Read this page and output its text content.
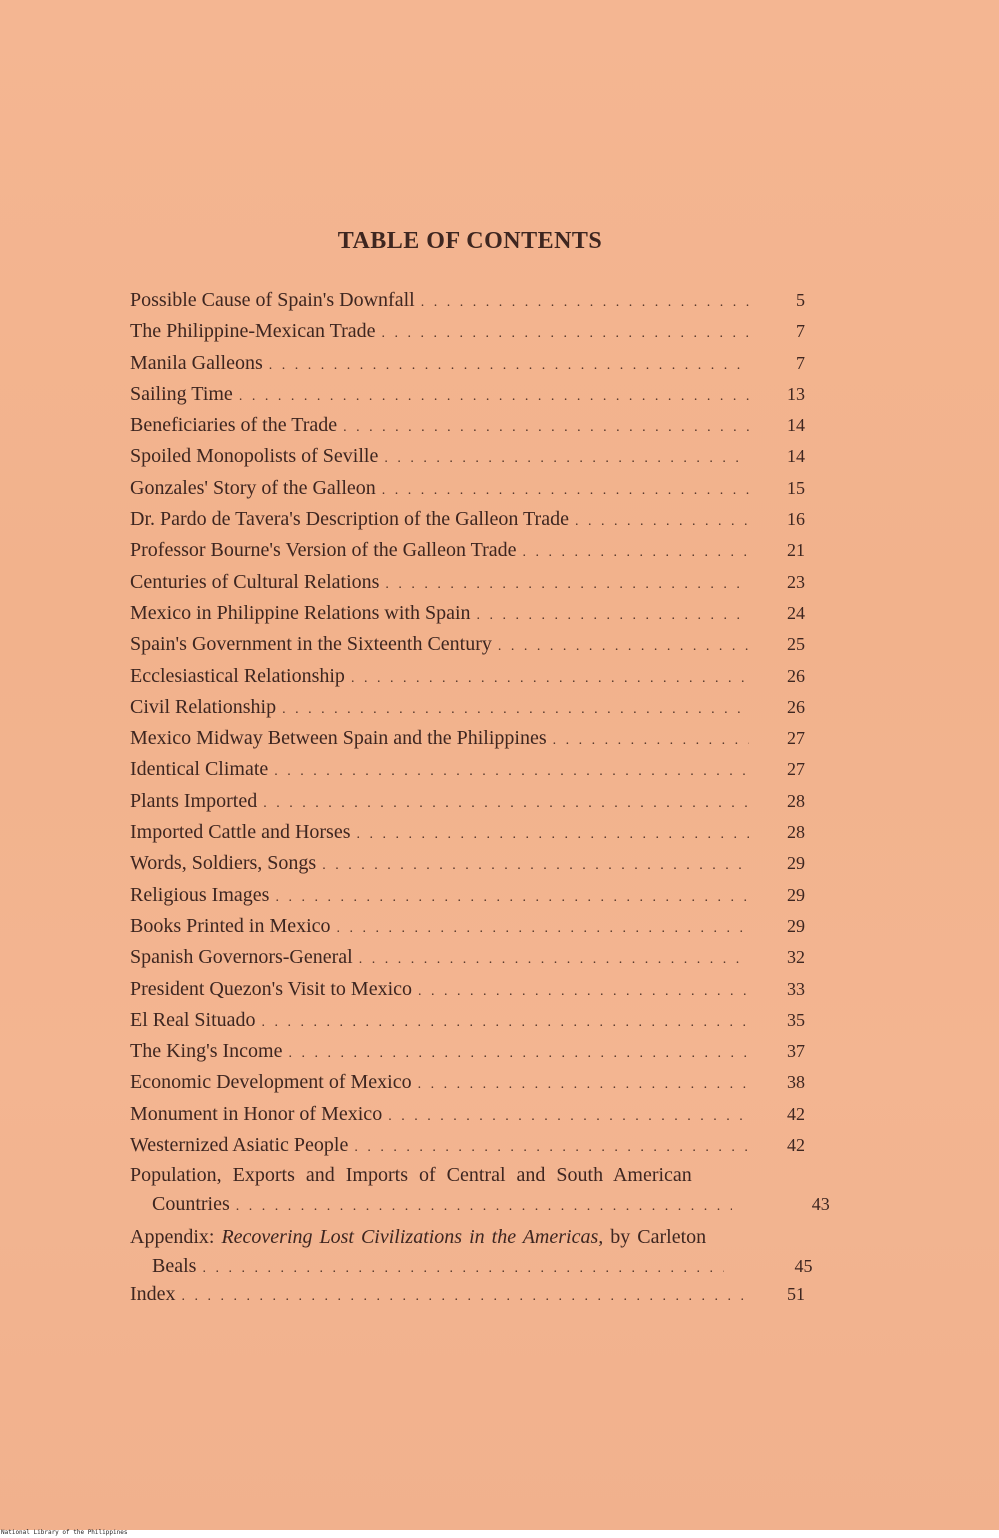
TABLE OF CONTENTS
Possible Cause of Spain's Downfall . . .	5
The Philippine-Mexican Trade . . .	7
Manila Galleons . . .	7
Sailing Time . . .	13
Beneficiaries of the Trade . . .	14
Spoiled Monopolists of Seville . . .	14
Gonzales' Story of the Galleon . . .	15
Dr. Pardo de Tavera's Description of the Galleon Trade . . .	16
Professor Bourne's Version of the Galleon Trade . . .	21
Centuries of Cultural Relations . . .	23
Mexico in Philippine Relations with Spain . . .	24
Spain's Government in the Sixteenth Century . . .	25
Ecclesiastical Relationship . . .	26
Civil Relationship . . .	26
Mexico Midway Between Spain and the Philippines . . .	27
Identical Climate . . .	27
Plants Imported . . .	28
Imported Cattle and Horses . . .	28
Words, Soldiers, Songs . . .	29
Religious Images . . .	29
Books Printed in Mexico . . .	29
Spanish Governors-General . . .	32
President Quezon's Visit to Mexico . . .	33
El Real Situado . . .	35
The King's Income . . .	37
Economic Development of Mexico . . .	38
Monument in Honor of Mexico . . .	42
Westernized Asiatic People . . .	42
Population, Exports and Imports of Central and South American
Countries . . .	43
Appendix: Recovering Lost Civilizations in the Americas, by Carleton
Beals . . .	45
Index . . .	51
National Library of the Philippines
